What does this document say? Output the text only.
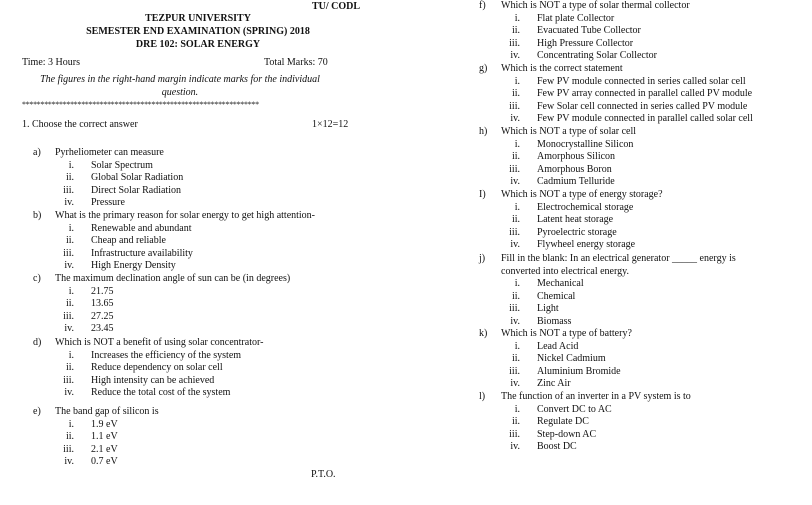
TU/ CODL
TEZPUR UNIVERSITY
SEMESTER END EXAMINATION (SPRING) 2018
DRE 102: SOLAR ENERGY
Time: 3 Hours	Total Marks: 70
The figures in the right-hand margin indicate marks for the individual
question.
****************************************************************
1. Choose the correct answer	1×12=12
a) Pyrheliometer can measure
i. Solar Spectrum
ii. Global Solar Radiation
iii. Direct Solar Radiation
iv. Pressure
b) What is the primary reason for solar energy to get high attention-
i. Renewable and abundant
ii. Cheap and reliable
iii. Infrastructure availability
iv. High Energy Density
c) The maximum declination angle of sun can be (in degrees)
i. 21.75
ii. 13.65
iii. 27.25
iv. 23.45
d) Which is NOT a benefit of using solar concentrator-
i. Increases the efficiency of the system
ii. Reduce dependency on solar cell
iii. High intensity can be achieved
iv. Reduce the total cost of the system
e) The band gap of silicon is
i. 1.9 eV
ii. 1.1 eV
iii. 2.1 eV
iv. 0.7 eV
f) Which is NOT a type of solar thermal collector
i. Flat plate Collector
ii. Evacuated Tube Collector
iii. High Pressure Collector
iv. Concentrating Solar Collector
g) Which is the correct statement
i. Few PV module connected in series called solar cell
ii. Few PV array connected in parallel called PV module
iii. Few Solar cell connected in series called PV module
iv. Few PV module connected in parallel called solar cell
h) Which is NOT a type of solar cell
i. Monocrystalline Silicon
ii. Amorphous Silicon
iii. Amorphous Boron
iv. Cadmium Telluride
I) Which is NOT a type of energy storage?
i. Electrochemical storage
ii. Latent heat storage
iii. Pyroelectric storage
iv. Flywheel energy storage
j) Fill in the blank: In an electrical generator _____ energy is
converted into electrical energy.
i. Mechanical
ii. Chemical
iii. Light
iv. Biomass
k) Which is NOT a type of battery?
i. Lead Acid
ii. Nickel Cadmium
iii. Aluminium Bromide
iv. Zinc Air
l) The function of an inverter in a PV system is to
i. Convert DC to AC
ii. Regulate DC
iii. Step-down AC
iv. Boost DC
P.T.O.
